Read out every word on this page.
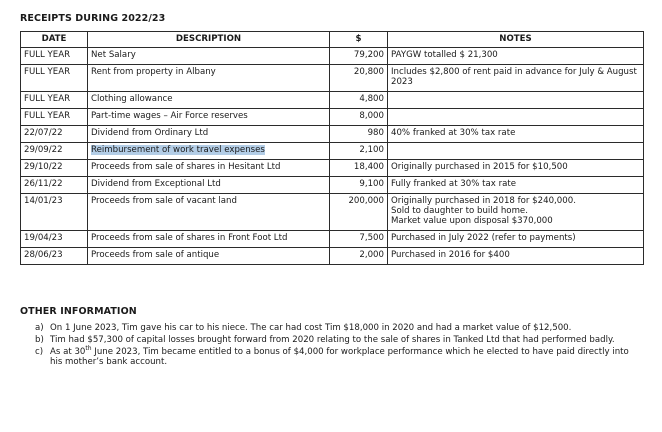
RECEIPTS DURING 2022/23
DATE	DESCRIPTION	$	NOTES
FULL YEAR	Net Salary	79,200	PAYGW totalled $ 21,300
FULL YEAR	Rent from property in Albany	20,800	Includes $2,800 of rent paid in advance for July & August 2023
FULL YEAR	Clothing allowance	4,800	
FULL YEAR	Part-time wages – Air Force reserves	8,000	
22/07/22	Dividend from Ordinary Ltd	980	40% franked at 30% tax rate
29/09/22	Reimbursement of work travel expenses	2,100	
29/10/22	Proceeds from sale of shares in Hesitant Ltd	18,400	Originally purchased in 2015 for $10,500
26/11/22	Dividend from Exceptional Ltd	9,100	Fully franked at 30% tax rate
14/01/23	Proceeds from sale of vacant land	200,000	Originally purchased in 2018 for $240,000.
Sold to daughter to build home.
Market value upon disposal $370,000
19/04/23	Proceeds from sale of shares in Front Foot Ltd	7,500	Purchased in July 2022 (refer to payments)
28/06/23	Proceeds from sale of antique	2,000	Purchased in 2016 for $400
OTHER INFORMATION
a) On 1 June 2023, Tim gave his car to his niece. The car had cost Tim $18,000 in 2020 and had a market value of $12,500.
b) Tim had $57,300 of capital losses brought forward from 2020 relating to the sale of shares in Tanked Ltd that had performed badly.
c) As at 30th June 2023, Tim became entitled to a bonus of $4,000 for workplace performance which he elected to have paid directly into his mother’s bank account.
